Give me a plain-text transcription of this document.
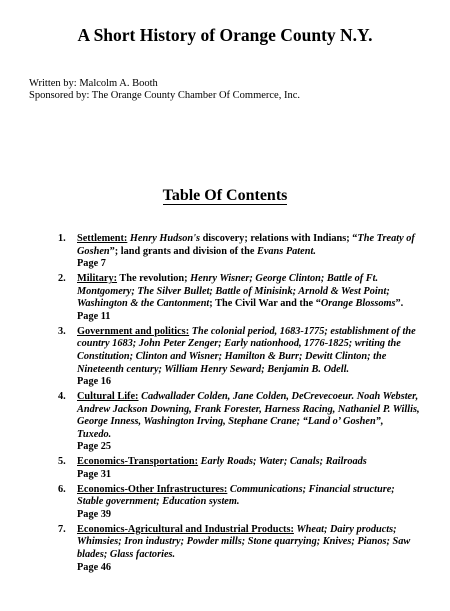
A Short History of Orange County N.Y.

Written by: Malcolm A. Booth

Sponsored by: The Orange County Chamber Of Commerce, Inc.

Table Of Contents
1. Settlement: Henry Hudson's discovery; relations with Indians; “The Treaty of Goshen”; land grants and division of the Evans Patent.
Page 7
2. Military: The revolution; Henry Wisner; George Clinton; Battle of Ft. Montgomery; The Silver Bullet; Battle of Minisink; Arnold & West Point; Washington & the Cantonment; The Civil War and the “Orange Blossoms”.
Page 11
3. Government and politics: The colonial period, 1683-1775; establishment of the country 1683; John Peter Zenger; Early nationhood, 1776-1825; writing the Constitution; Clinton and Wisner; Hamilton & Burr; Dewitt Clinton; the Nineteenth century; William Henry Seward; Benjamin B. Odell.
Page 16
4. Cultural Life: Cadwallader Colden, Jane Colden, DeCrevecoeur. Noah Webster, Andrew Jackson Downing, Frank Forester, Harness Racing, Nathaniel P. Willis, George Inness, Washington Irving, Stephane Crane; “Land o’ Goshen”, Tuxedo.
Page 25
5. Economics-Transportation: Early Roads; Water; Canals; Railroads
Page 31
6. Economics-Other Infrastructures: Communications; Financial structure; Stable government; Education system.
Page 39
7. Economics-Agricultural and Industrial Products: Wheat; Dairy products; Whimsies; Iron industry; Powder mills; Stone quarrying; Knives; Pianos; Saw blades; Glass factories.
Page 46
